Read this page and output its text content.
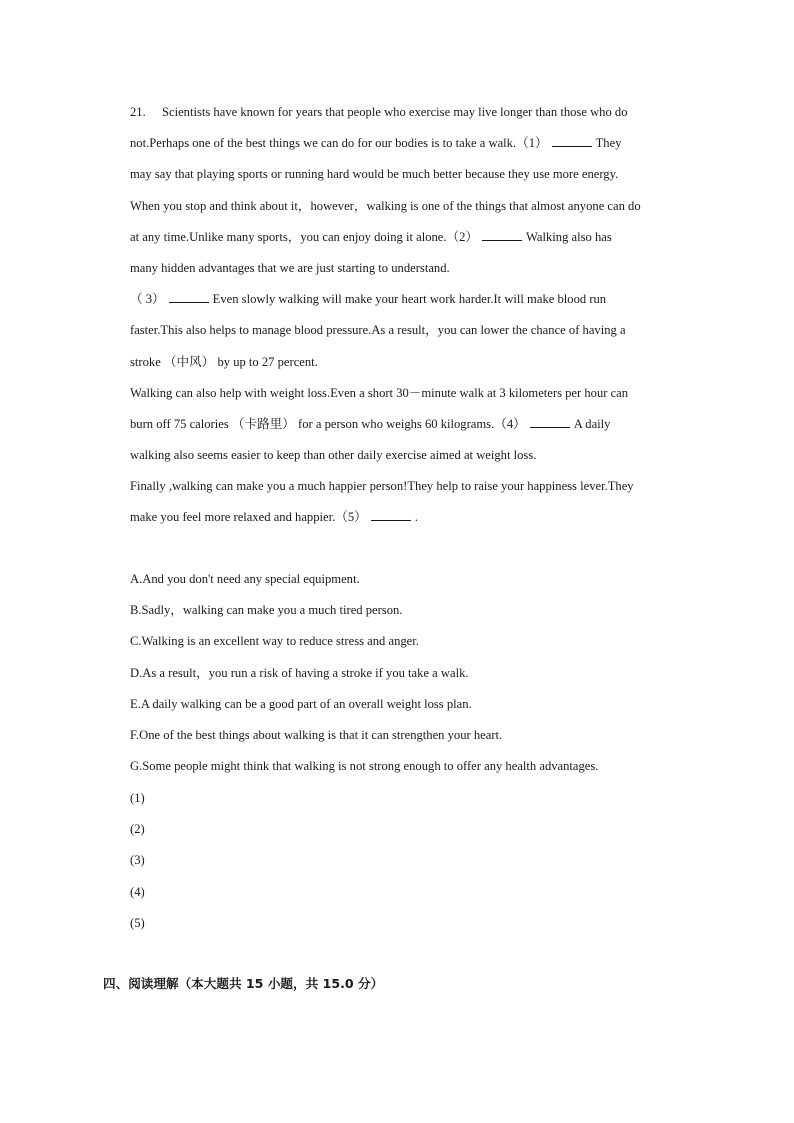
21. Scientists have known for years that people who exercise may live longer than those who do
not.Perhaps one of the best things we can do for our bodies is to take a walk.（1）	They
may say that playing sports or running hard would be much better because they use more energy.
When you stop and think about it，however，walking is one of the things that almost anyone can do
at any time.Unlike many sports，you can enjoy doing it alone.（2）	Walking also has
many hidden advantages that we are just starting to understand.
（ 3）	Even slowly walking will make your heart work harder.It will make blood run
faster.This also helps to manage blood pressure.As a result，you can lower the chance of having a
stroke （中风） by up to 27 percent.
Walking can also help with weight loss.Even a short 30－minute walk at 3 kilometers per hour can
burn off 75 calories （卡路里） for a person who weighs 60 kilograms.（4）	A daily
walking also seems easier to keep than other daily exercise aimed at weight loss.
Finally ,walking can make you a much happier person!They help to raise your happiness lever.They
make you feel more relaxed and happier.（5）	.
A.And you don't need any special equipment.
B.Sadly，walking can make you a much tired person.
C.Walking is an excellent way to reduce stress and anger.
D.As a result，you run a risk of having a stroke if you take a walk.
E.A daily walking can be a good part of an overall weight loss plan.
F.One of the best things about walking is that it can strengthen your heart.
G.Some people might think that walking is not strong enough to offer any health advantages.
(1)
(2)
(3)
(4)
(5)
四、阅读理解（本大题共 15 小题，共 15.0 分）
